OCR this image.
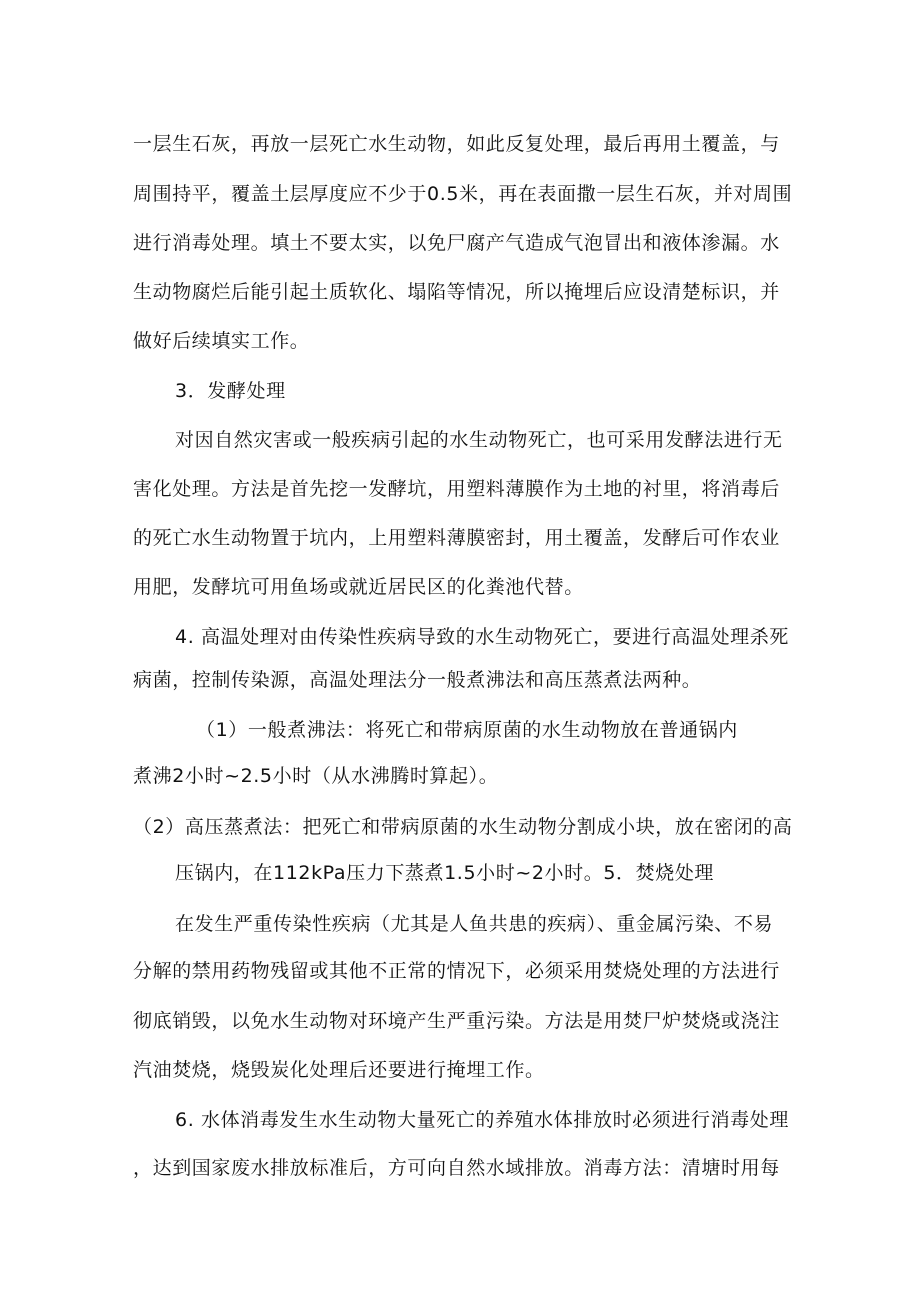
一层生石灰，再放一层死亡水生动物，如此反复处理，最后再用土覆盖，与
周围持平，覆盖土层厚度应不少于0.5米，再在表面撒一层生石灰，并对周围
进行消毒处理。填土不要太实，以免尸腐产气造成气泡冒出和液体渗漏。水
生动物腐烂后能引起土质软化、塌陷等情况，所以掩埋后应设清楚标识，并
做好后续填实工作。
3．发酵处理
对因自然灾害或一般疾病引起的水生动物死亡，也可采用发酵法进行无
害化处理。方法是首先挖一发酵坑，用塑料薄膜作为土地的衬里，将消毒后
的死亡水生动物置于坑内，上用塑料薄膜密封，用土覆盖，发酵后可作农业
用肥，发酵坑可用鱼场或就近居民区的化粪池代替。
4. 高温处理对由传染性疾病导致的水生动物死亡，要进行高温处理杀死
病菌，控制传染源，高温处理法分一般煮沸法和高压蒸煮法两种。
（1）一般煮沸法：将死亡和带病原菌的水生动物放在普通锅内
煮沸2小时~2.5小时（从水沸腾时算起）。
（2）高压蒸煮法：把死亡和带病原菌的水生动物分割成小块，放在密闭的高
压锅内，在112kPa压力下蒸煮1.5小时~2小时。5．焚烧处理
在发生严重传染性疾病（尤其是人鱼共患的疾病）、重金属污染、不易
分解的禁用药物残留或其他不正常的情况下，必须采用焚烧处理的方法进行
彻底销毁，以免水生动物对环境产生严重污染。方法是用焚尸炉焚烧或浇注
汽油焚烧，烧毁炭化处理后还要进行掩埋工作。
6. 水体消毒发生水生动物大量死亡的养殖水体排放时必须进行消毒处理
，达到国家废水排放标准后，方可向自然水域排放。消毒方法：清塘时用每
